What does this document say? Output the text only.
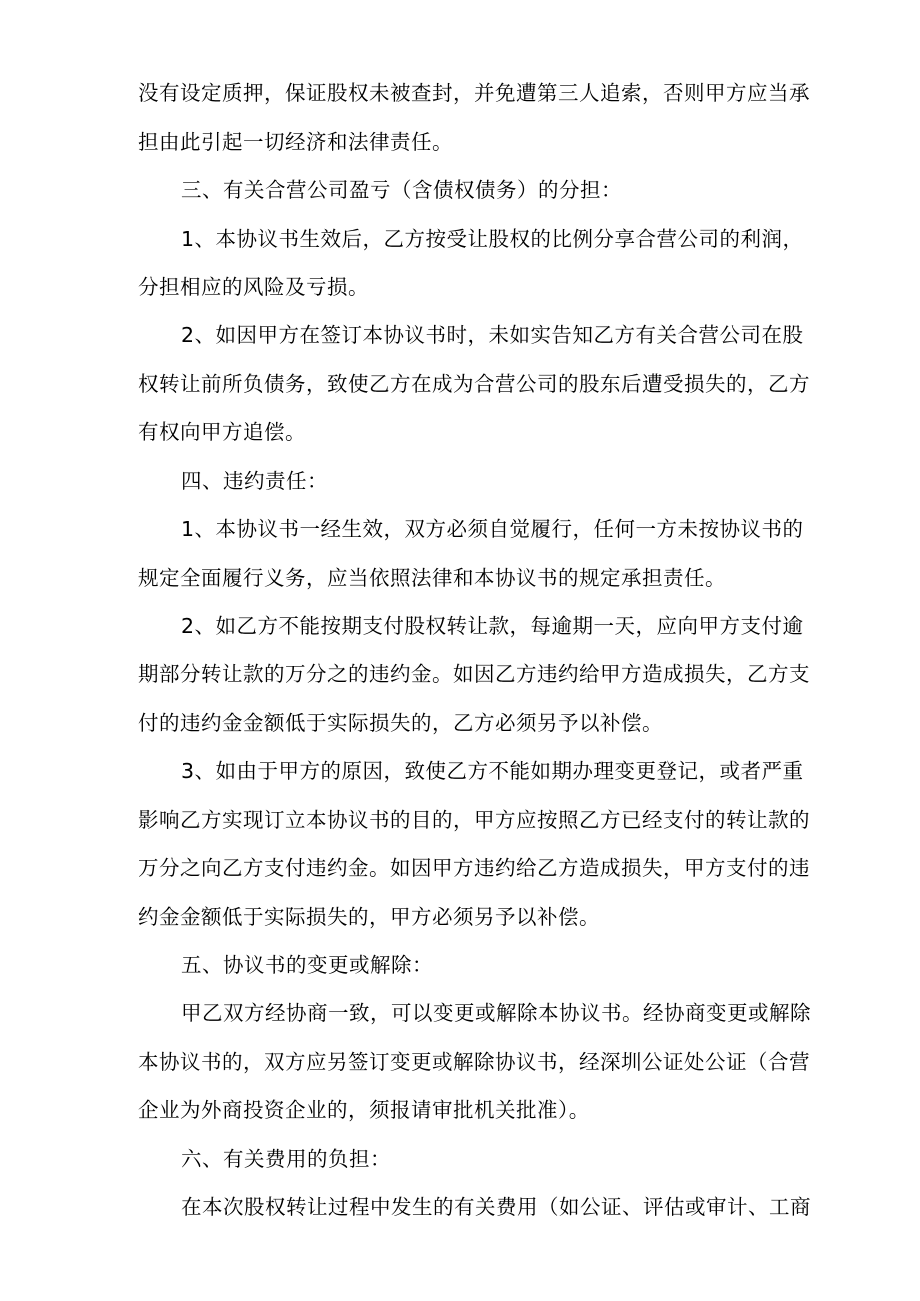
没有设定质押，保证股权未被查封，并免遭第三人追索，否则甲方应当承
担由此引起一切经济和法律责任。
三、有关合营公司盈亏（含债权债务）的分担：
1、本协议书生效后，乙方按受让股权的比例分享合营公司的利润，
分担相应的风险及亏损。
2、如因甲方在签订本协议书时，未如实告知乙方有关合营公司在股
权转让前所负债务，致使乙方在成为合营公司的股东后遭受损失的，乙方
有权向甲方追偿。
四、违约责任：
1、本协议书一经生效，双方必须自觉履行，任何一方未按协议书的
规定全面履行义务，应当依照法律和本协议书的规定承担责任。
2、如乙方不能按期支付股权转让款，每逾期一天，应向甲方支付逾
期部分转让款的万分之的违约金。如因乙方违约给甲方造成损失，乙方支
付的违约金金额低于实际损失的，乙方必须另予以补偿。
3、如由于甲方的原因，致使乙方不能如期办理变更登记，或者严重
影响乙方实现订立本协议书的目的，甲方应按照乙方已经支付的转让款的
万分之向乙方支付违约金。如因甲方违约给乙方造成损失，甲方支付的违
约金金额低于实际损失的，甲方必须另予以补偿。
五、协议书的变更或解除：
甲乙双方经协商一致，可以变更或解除本协议书。经协商变更或解除
本协议书的，双方应另签订变更或解除协议书，经深圳公证处公证（合营
企业为外商投资企业的，须报请审批机关批准）。
六、有关费用的负担：
在本次股权转让过程中发生的有关费用（如公证、评估或审计、工商
